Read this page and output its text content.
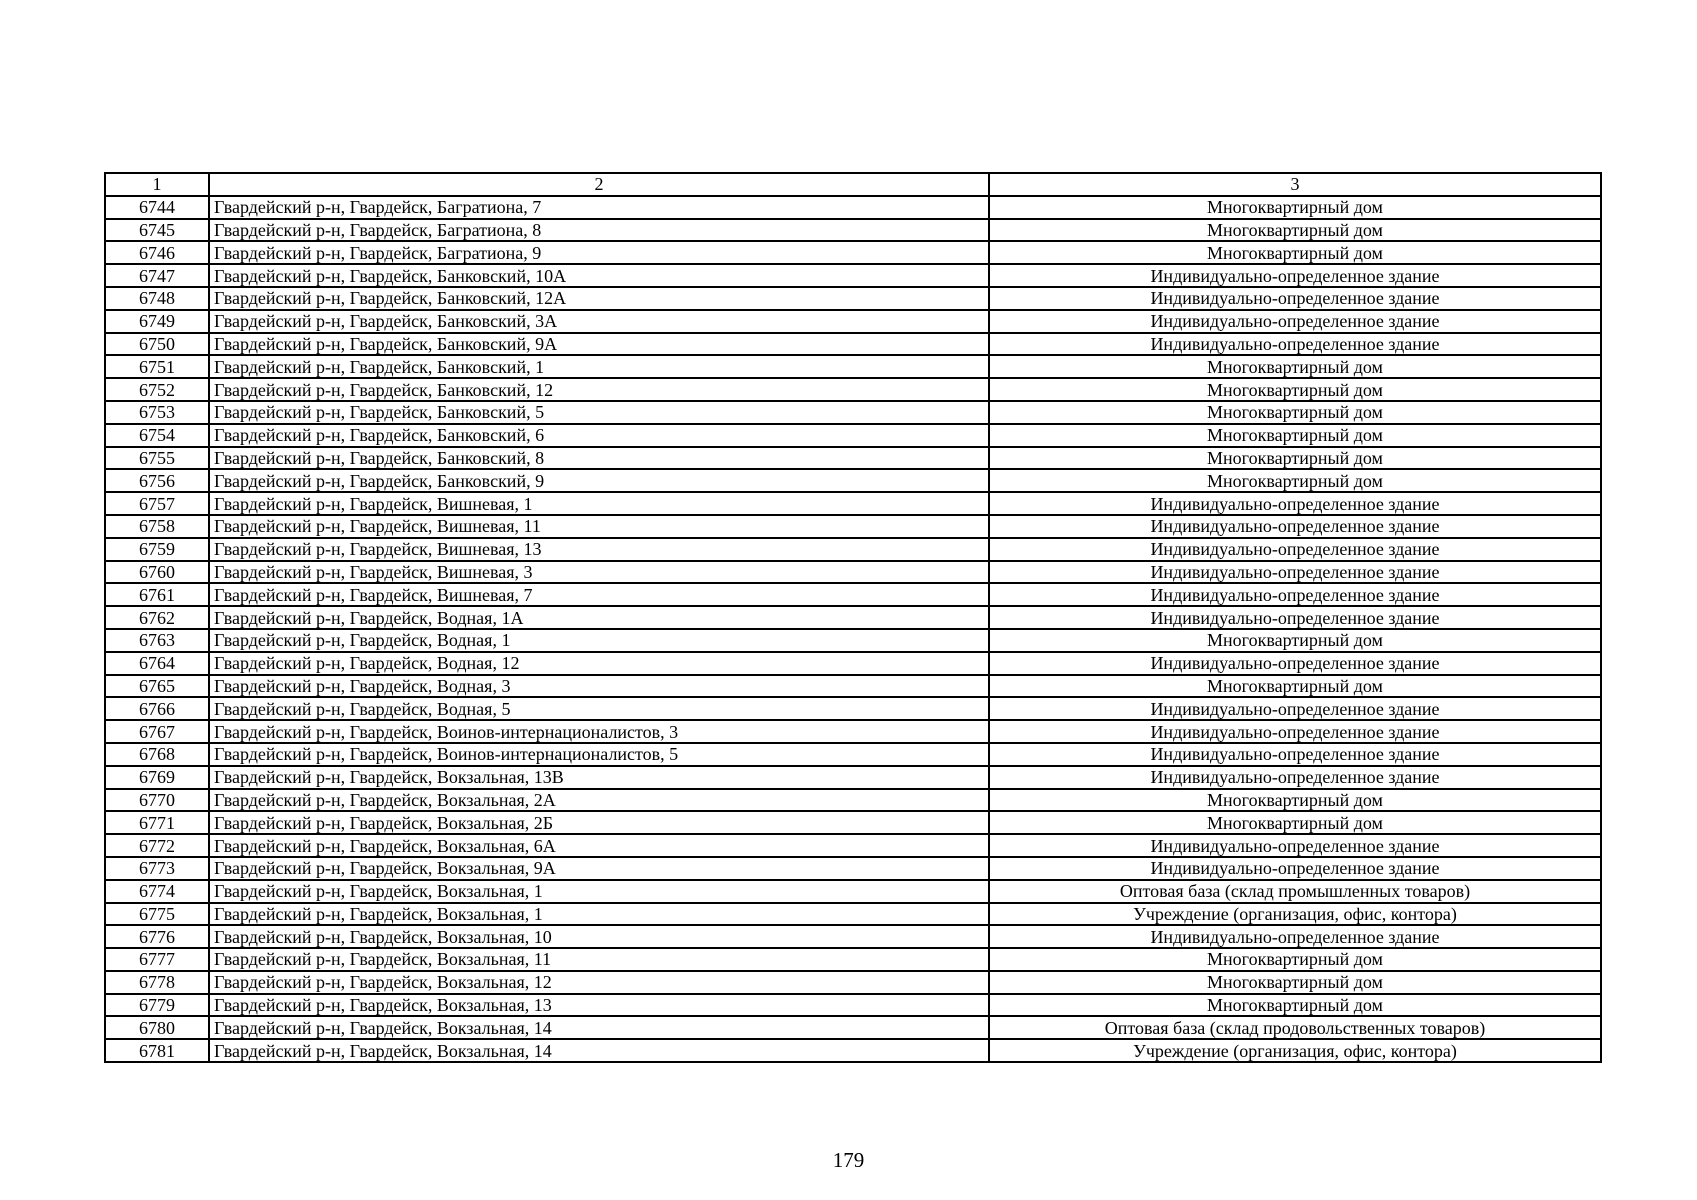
1	2	3
6744	Гвардейский р-н, Гвардейск, Багратиона, 7	Многоквартирный дом
6745	Гвардейский р-н, Гвардейск, Багратиона, 8	Многоквартирный дом
6746	Гвардейский р-н, Гвардейск, Багратиона, 9	Многоквартирный дом
6747	Гвардейский р-н, Гвардейск, Банковский, 10А	Индивидуально-определенное здание
6748	Гвардейский р-н, Гвардейск, Банковский, 12А	Индивидуально-определенное здание
6749	Гвардейский р-н, Гвардейск, Банковский, 3А	Индивидуально-определенное здание
6750	Гвардейский р-н, Гвардейск, Банковский, 9А	Индивидуально-определенное здание
6751	Гвардейский р-н, Гвардейск, Банковский, 1	Многоквартирный дом
6752	Гвардейский р-н, Гвардейск, Банковский, 12	Многоквартирный дом
6753	Гвардейский р-н, Гвардейск, Банковский, 5	Многоквартирный дом
6754	Гвардейский р-н, Гвардейск, Банковский, 6	Многоквартирный дом
6755	Гвардейский р-н, Гвардейск, Банковский, 8	Многоквартирный дом
6756	Гвардейский р-н, Гвардейск, Банковский, 9	Многоквартирный дом
6757	Гвардейский р-н, Гвардейск, Вишневая, 1	Индивидуально-определенное здание
6758	Гвардейский р-н, Гвардейск, Вишневая, 11	Индивидуально-определенное здание
6759	Гвардейский р-н, Гвардейск, Вишневая, 13	Индивидуально-определенное здание
6760	Гвардейский р-н, Гвардейск, Вишневая, 3	Индивидуально-определенное здание
6761	Гвардейский р-н, Гвардейск, Вишневая, 7	Индивидуально-определенное здание
6762	Гвардейский р-н, Гвардейск, Водная, 1А	Индивидуально-определенное здание
6763	Гвардейский р-н, Гвардейск, Водная, 1	Многоквартирный дом
6764	Гвардейский р-н, Гвардейск, Водная, 12	Индивидуально-определенное здание
6765	Гвардейский р-н, Гвардейск, Водная, 3	Многоквартирный дом
6766	Гвардейский р-н, Гвардейск, Водная, 5	Индивидуально-определенное здание
6767	Гвардейский р-н, Гвардейск, Воинов-интернационалистов, 3	Индивидуально-определенное здание
6768	Гвардейский р-н, Гвардейск, Воинов-интернационалистов, 5	Индивидуально-определенное здание
6769	Гвардейский р-н, Гвардейск, Вокзальная, 13В	Индивидуально-определенное здание
6770	Гвардейский р-н, Гвардейск, Вокзальная, 2А	Многоквартирный дом
6771	Гвардейский р-н, Гвардейск, Вокзальная, 2Б	Многоквартирный дом
6772	Гвардейский р-н, Гвардейск, Вокзальная, 6А	Индивидуально-определенное здание
6773	Гвардейский р-н, Гвардейск, Вокзальная, 9А	Индивидуально-определенное здание
6774	Гвардейский р-н, Гвардейск, Вокзальная, 1	Оптовая база (склад промышленных товаров)
6775	Гвардейский р-н, Гвардейск, Вокзальная, 1	Учреждение (организация, офис, контора)
6776	Гвардейский р-н, Гвардейск, Вокзальная, 10	Индивидуально-определенное здание
6777	Гвардейский р-н, Гвардейск, Вокзальная, 11	Многоквартирный дом
6778	Гвардейский р-н, Гвардейск, Вокзальная, 12	Многоквартирный дом
6779	Гвардейский р-н, Гвардейск, Вокзальная, 13	Многоквартирный дом
6780	Гвардейский р-н, Гвардейск, Вокзальная, 14	Оптовая база (склад продовольственных товаров)
6781	Гвардейский р-н, Гвардейск, Вокзальная, 14	Учреждение (организация, офис, контора)
179
